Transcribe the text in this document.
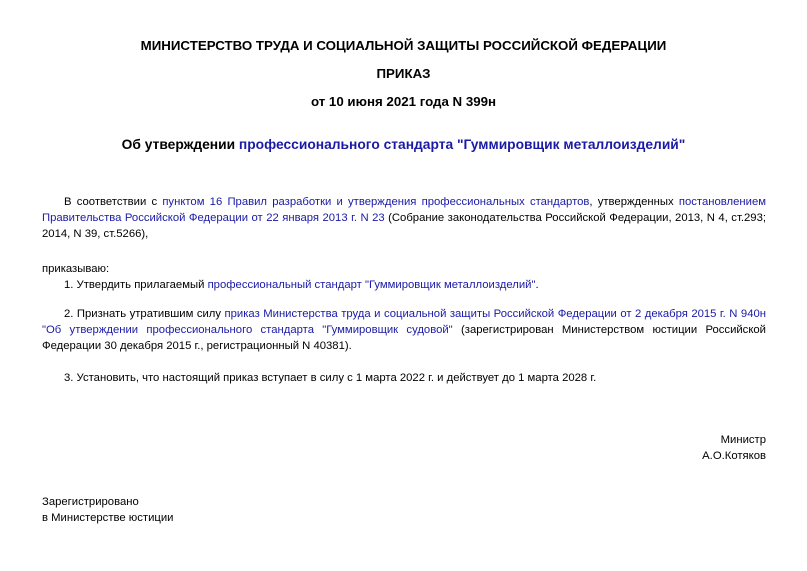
МИНИСТЕРСТВО ТРУДА И СОЦИАЛЬНОЙ ЗАЩИТЫ РОССИЙСКОЙ ФЕДЕРАЦИИ
ПРИКАЗ
от 10 июня 2021 года N 399н
Об утверждении профессионального стандарта "Гуммировщик металлоизделий"
В соответствии с пунктом 16 Правил разработки и утверждения профессиональных стандартов, утвержденных постановлением Правительства Российской Федерации от 22 января 2013 г. N 23 (Собрание законодательства Российской Федерации, 2013, N 4, ст.293; 2014, N 39, ст.5266),
приказываю:
1. Утвердить прилагаемый профессиональный стандарт "Гуммировщик металлоизделий".
2. Признать утратившим силу приказ Министерства труда и социальной защиты Российской Федерации от 2 декабря 2015 г. N 940н "Об утверждении профессионального стандарта "Гуммировщик судовой" (зарегистрирован Министерством юстиции Российской Федерации 30 декабря 2015 г., регистрационный N 40381).
3. Установить, что настоящий приказ вступает в силу с 1 марта 2022 г. и действует до 1 марта 2028 г.
Министр
А.О.Котяков
Зарегистрировано
в Министерстве юстиции
